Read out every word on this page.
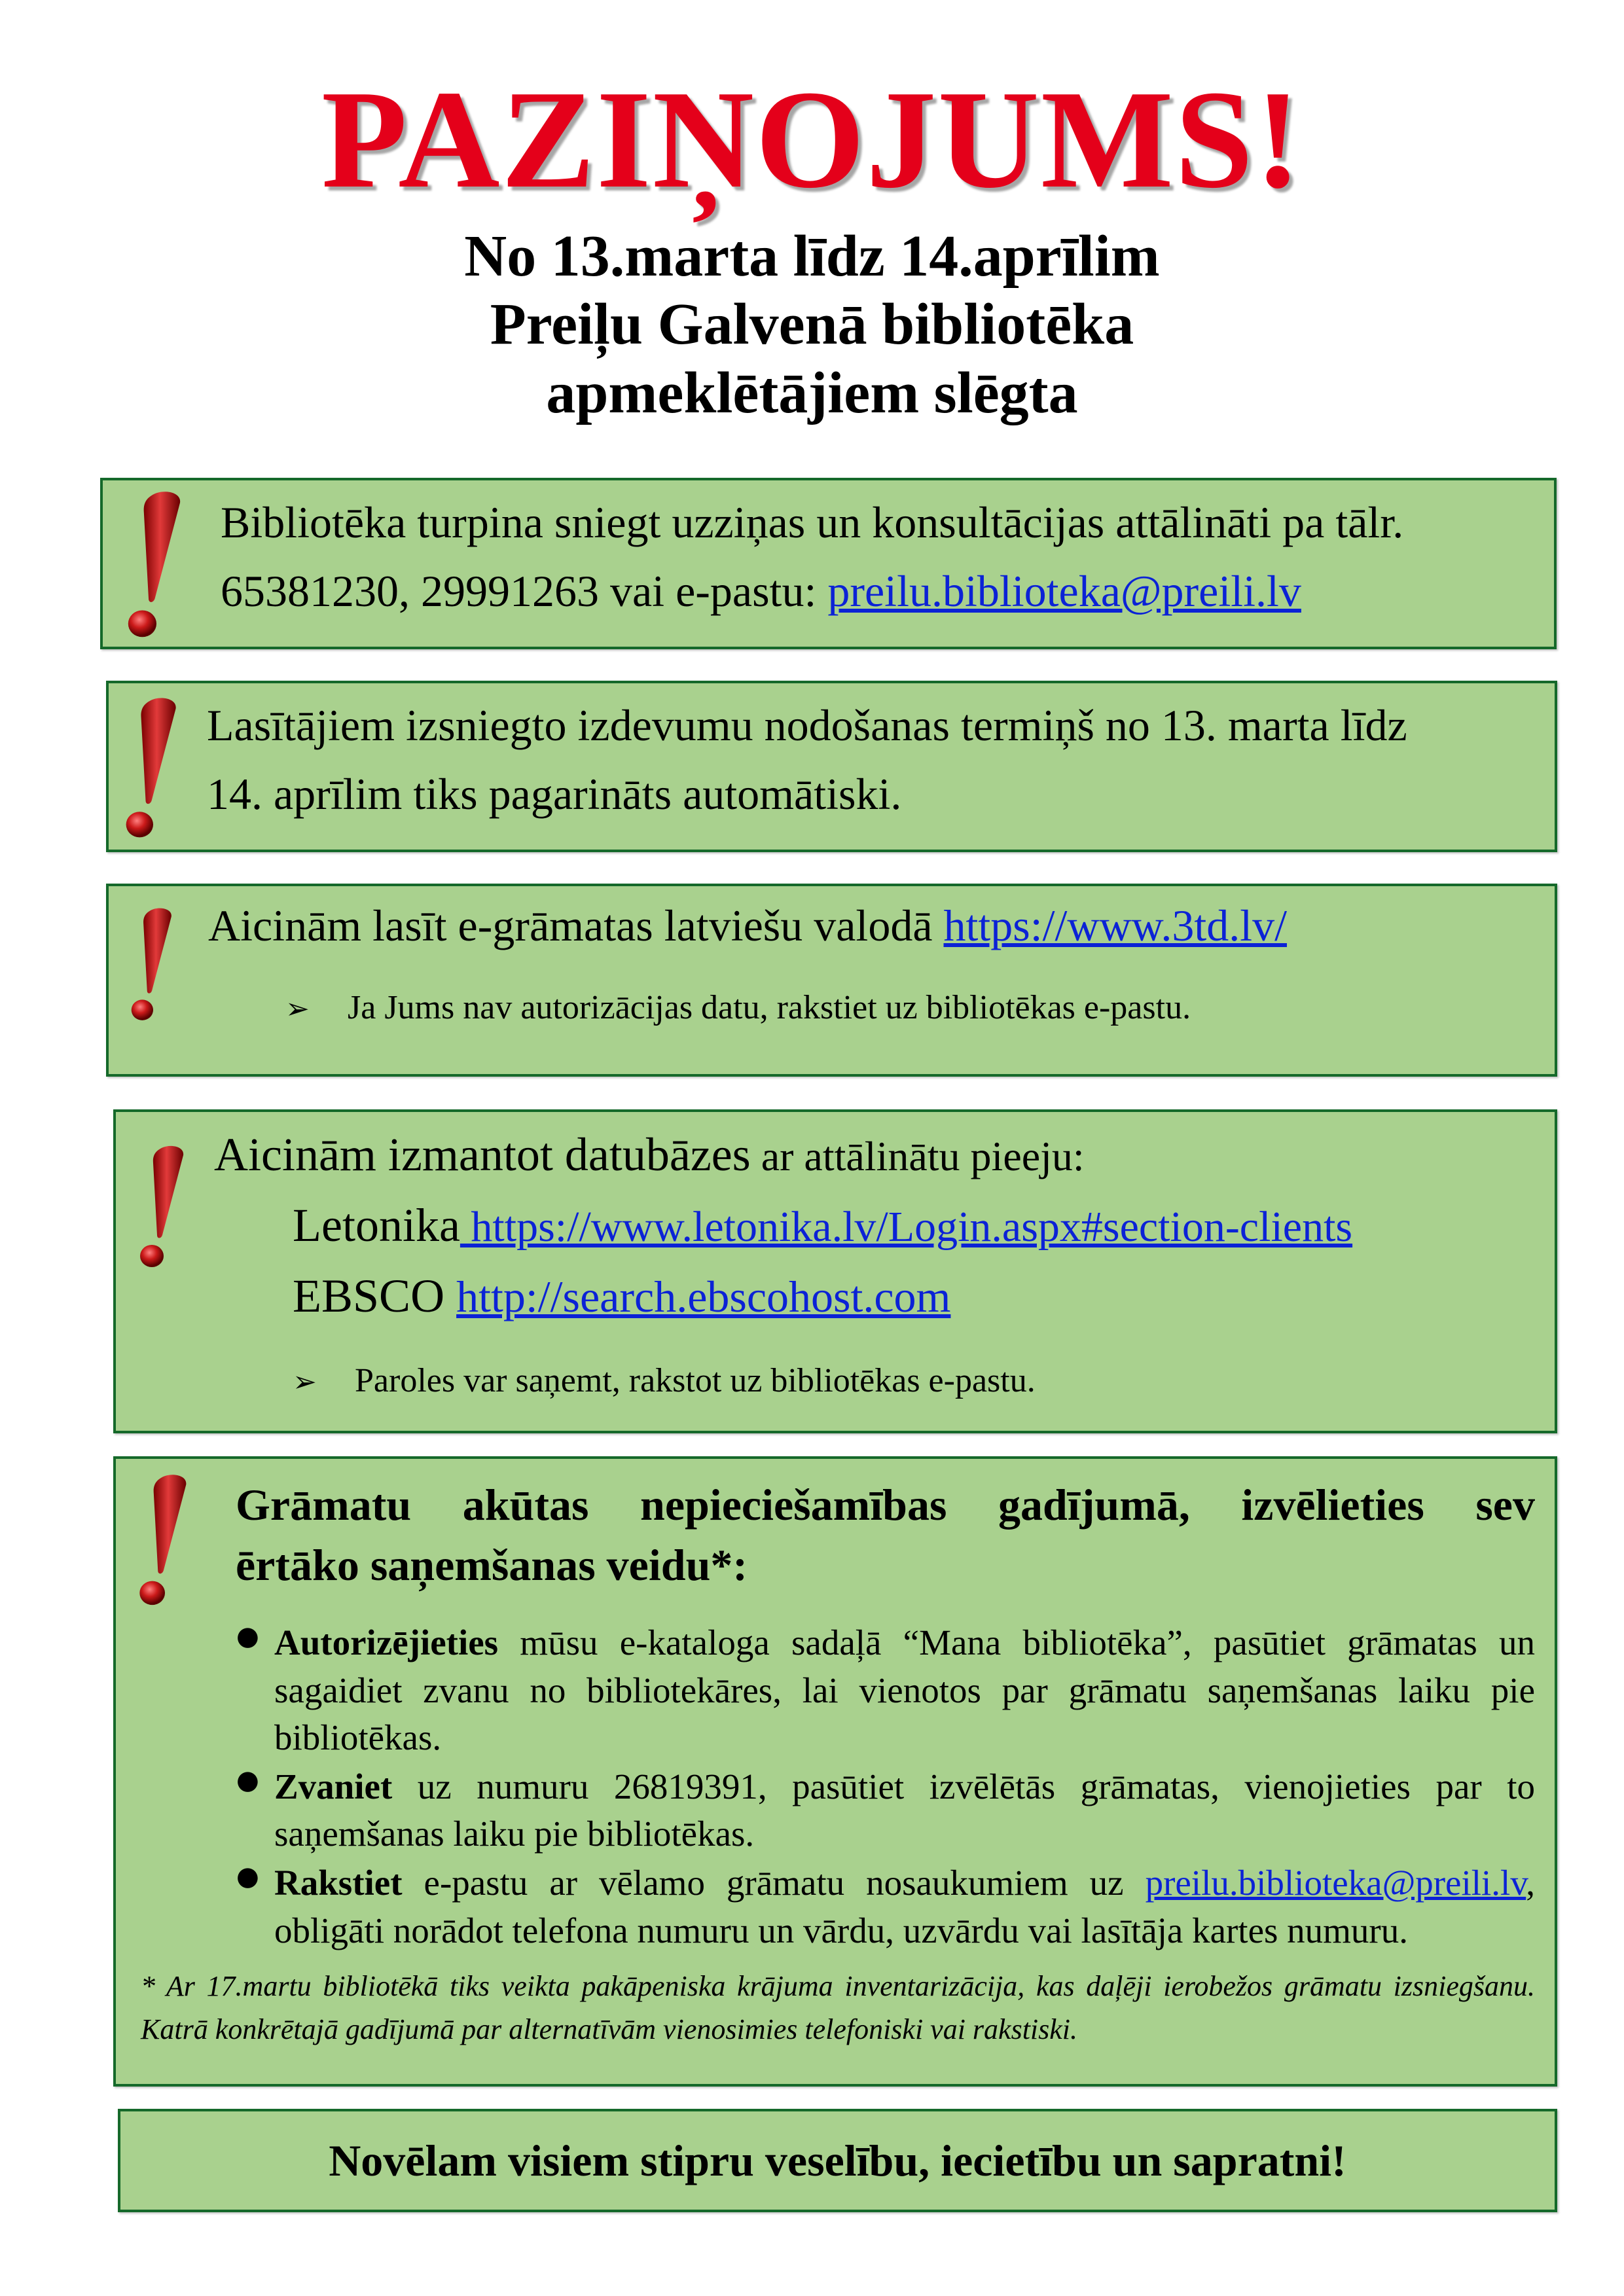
PAZIŅOJUMS!
No 13.marta līdz 14.aprīlim
Preiļu Galvenā bibliotēka
apmeklētājiem slēgta
Bibliotēka turpina sniegt uzziņas un konsultācijas attālināti pa tālr.
65381230, 29991263 vai e-pastu: preilu.biblioteka@preili.lv
Lasītājiem izsniegto izdevumu nodošanas termiņš no 13. marta līdz
14. aprīlim tiks pagarināts automātiski.
Aicinām lasīt e-grāmatas latviešu valodā https://www.3td.lv/
➢ Ja Jums nav autorizācijas datu, rakstiet uz bibliotēkas e-pastu.
Aicinām izmantot datubāzes ar attālinātu pieeju:
Letonika https://www.letonika.lv/Login.aspx#section-clients
EBSCO http://search.ebscohost.com
➢ Paroles var saņemt, rakstot uz bibliotēkas e-pastu.
Grāmatu akūtas nepieciešamības gadījumā, izvēlieties sev
ērtāko saņemšanas veidu*:
● Autorizējieties mūsu e-kataloga sadaļā “Mana bibliotēka”, pasūtiet grāmatas un sagaidiet zvanu no bibliotekāres, lai vienotos par grāmatu saņemšanas laiku pie bibliotēkas.
● Zvaniet uz numuru 26819391, pasūtiet izvēlētās grāmatas, vienojieties par to saņemšanas laiku pie bibliotēkas.
● Rakstiet e-pastu ar vēlamo grāmatu nosaukumiem uz preilu.biblioteka@preili.lv, obligāti norādot telefona numuru un vārdu, uzvārdu vai lasītāja kartes numuru.
* Ar 17.martu bibliotēkā tiks veikta pakāpeniska krājuma inventarizācija, kas daļēji ierobežos grāmatu izsniegšanu. Katrā konkrētajā gadījumā par alternatīvām vienosimies telefoniski vai rakstiski.
Novēlam visiem stipru veselību, iecietību un sapratni!
